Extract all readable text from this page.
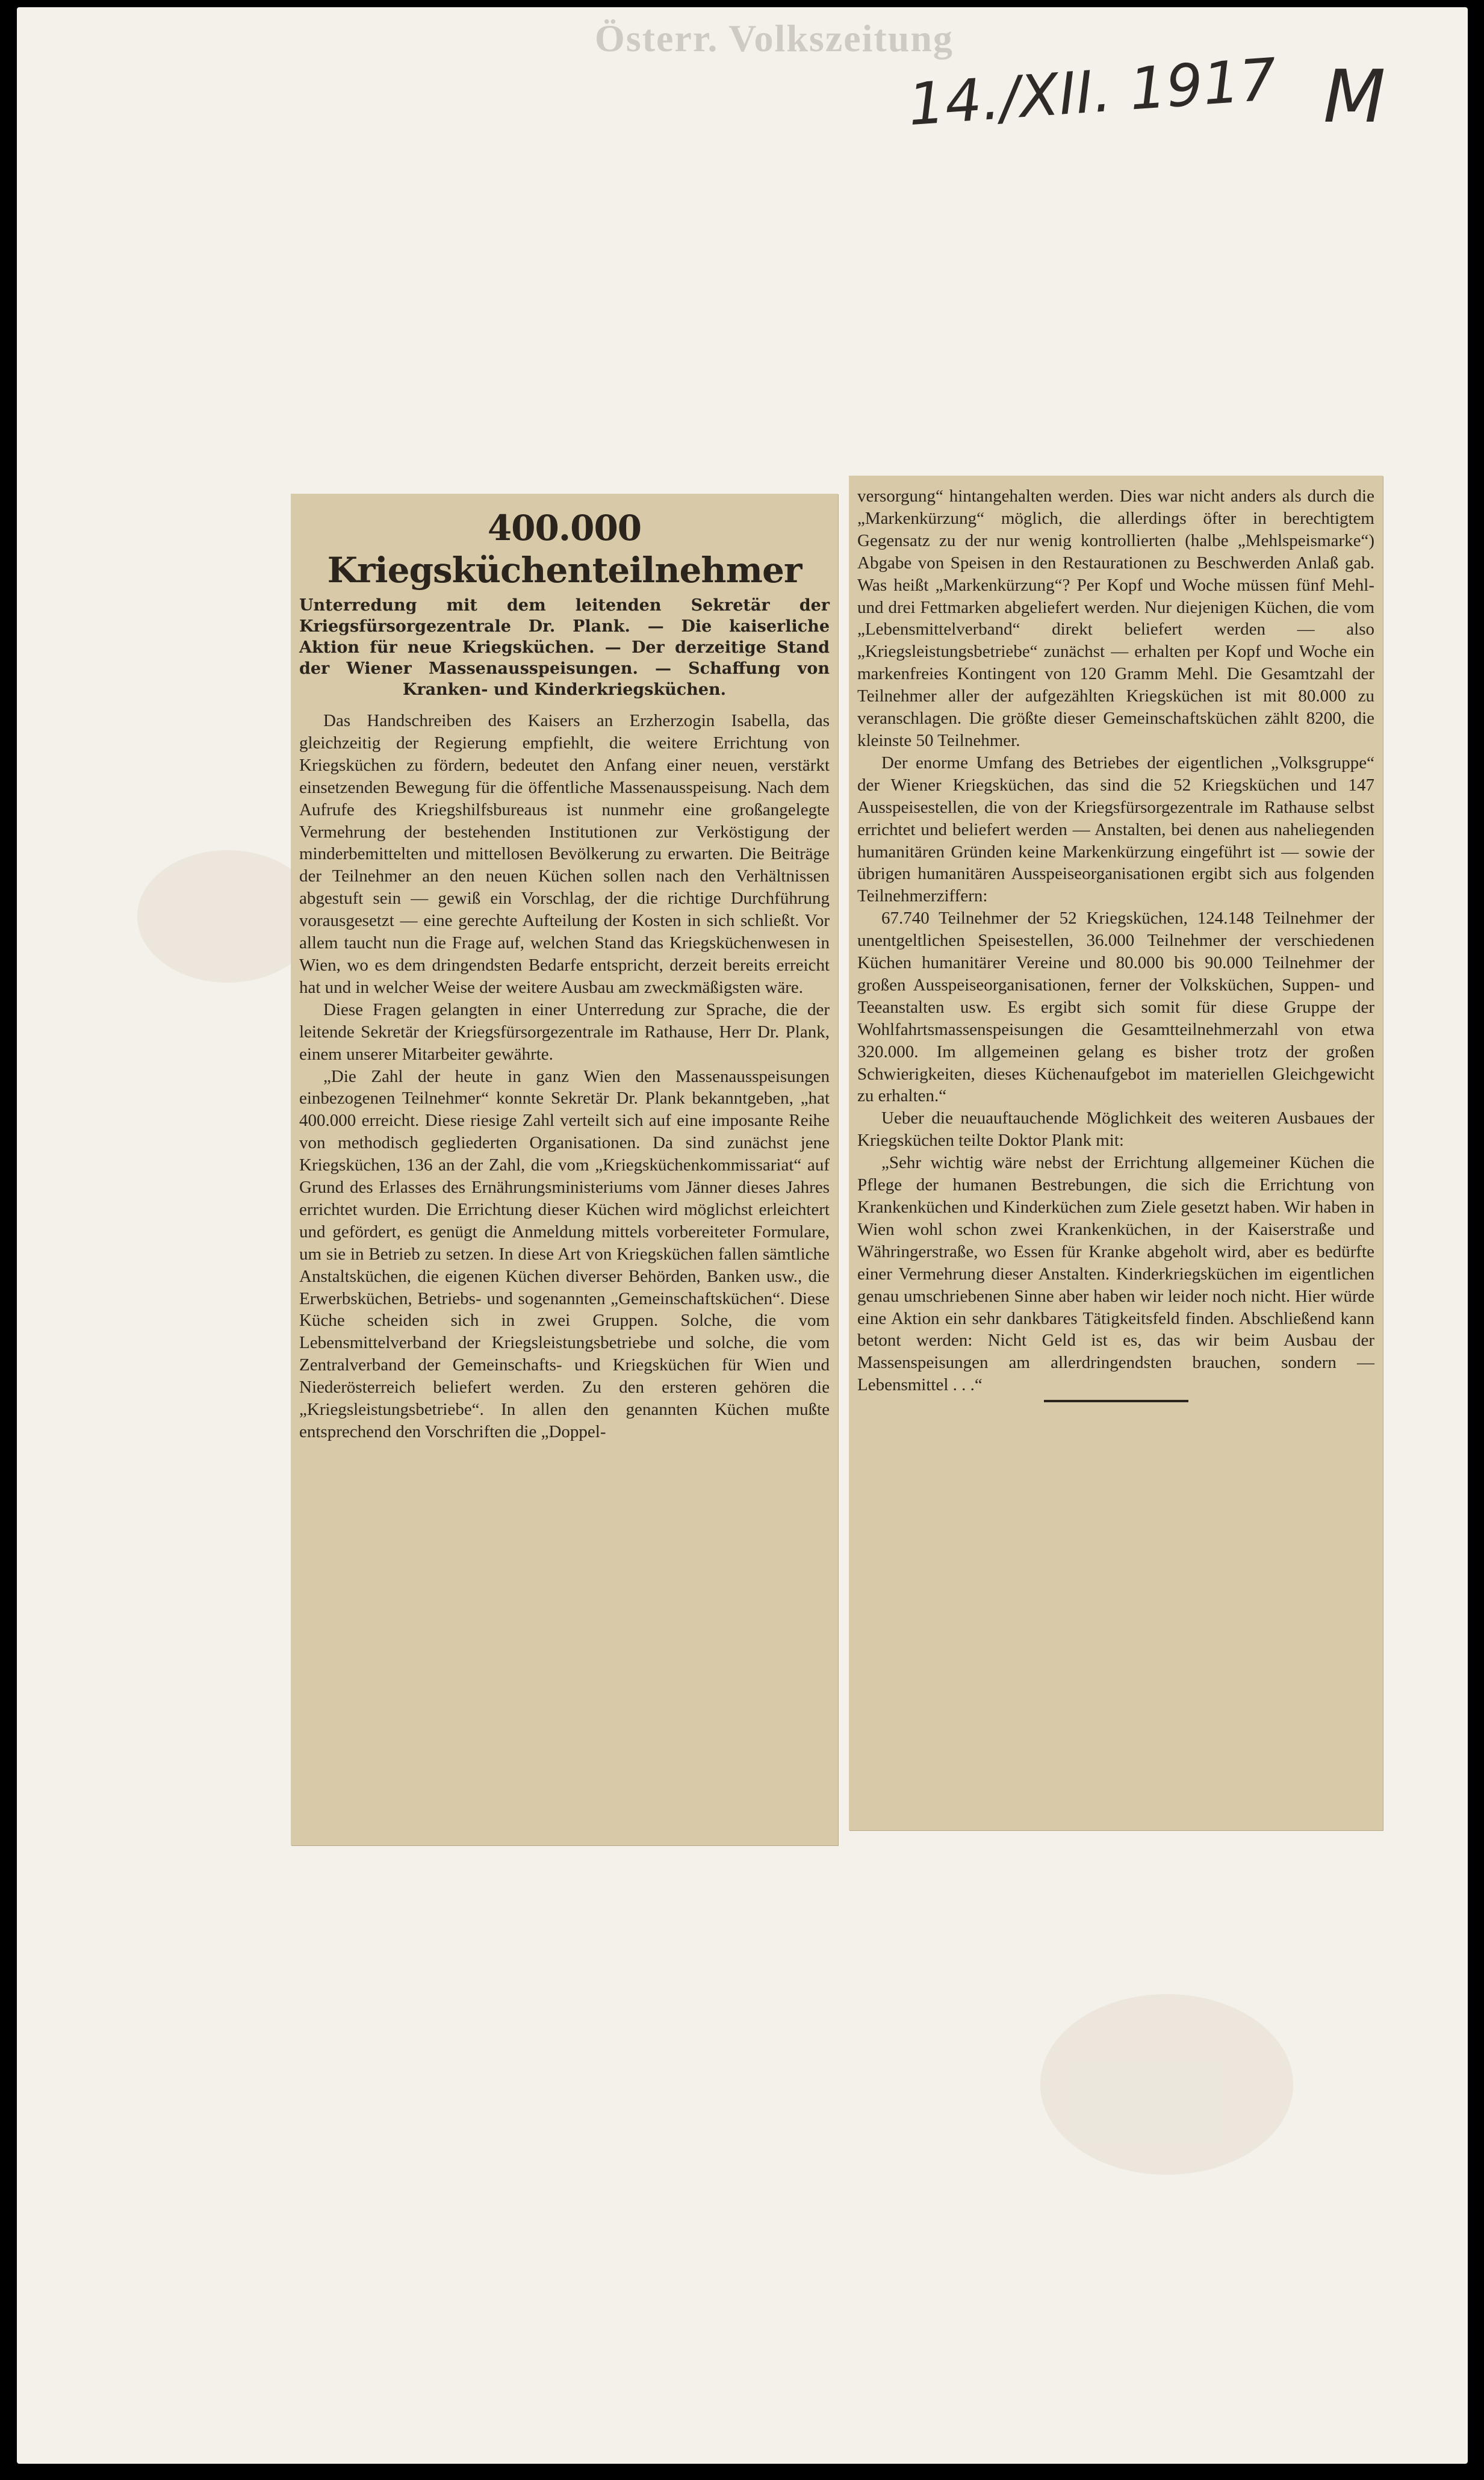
Österr. Volkszeitung
14./XII. 1917 M
400.000 Kriegsküchenteilnehmer
Unterredung mit dem leitenden Sekretär der Kriegsfürsorgezentrale Dr. Plank. — Die kaiserliche Aktion für neue Kriegsküchen. — Der derzeitige Stand der Wiener Massenausspeisungen. — Schaffung von Kranken- und Kinderkriegsküchen.

Das Handschreiben des Kaisers an Erzherzogin Isabella, das gleichzeitig der Regierung empfiehlt, die weitere Errichtung von Kriegsküchen zu fördern, bedeutet den Anfang einer neuen, verstärkt einsetzenden Bewegung für die öffentliche Massenausspeisung. Nach dem Aufrufe des Kriegshilfsbureaus ist nunmehr eine großangelegte Vermehrung der bestehenden Institutionen zur Verköstigung der minderbemittelten und mittellosen Bevölkerung zu erwarten. Die Beiträge der Teilnehmer an den neuen Küchen sollen nach den Verhältnissen abgestuft sein — gewiß ein Vorschlag, der die richtige Durchführung vorausgesetzt — eine gerechte Aufteilung der Kosten in sich schließt. Vor allem taucht nun die Frage auf, welchen Stand das Kriegsküchenwesen in Wien, wo es dem dringendsten Bedarfe entspricht, derzeit bereits erreicht hat und in welcher Weise der weitere Ausbau am zweckmäßigsten wäre.

Diese Fragen gelangten in einer Unterredung zur Sprache, die der leitende Sekretär der Kriegsfürsorgezentrale im Rathause, Herr Dr. Plank, einem unserer Mitarbeiter gewährte.

„Die Zahl der heute in ganz Wien den Massenausspeisungen einbezogenen Teilnehmer“ konnte Sekretär Dr. Plank bekanntgeben, „hat 400.000 erreicht. Diese riesige Zahl verteilt sich auf eine imposante Reihe von methodisch gegliederten Organisationen. Da sind zunächst jene Kriegsküchen, 136 an der Zahl, die vom „Kriegsküchenkommissariat“ auf Grund des Erlasses des Ernährungsministeriums vom Jänner dieses Jahres errichtet wurden. Die Errichtung dieser Küchen wird möglichst erleichtert und gefördert, es genügt die Anmeldung mittels vorbereiteter Formulare, um sie in Betrieb zu setzen. In diese Art von Kriegsküchen fallen sämtliche Anstaltsküchen, die eigenen Küchen diverser Behörden, Banken usw., die Erwerbsküchen, Betriebs- und sogenannten „Gemeinschaftsküchen“. Diese Küche scheiden sich in zwei Gruppen. Solche, die vom Lebensmittelverband der Kriegsleistungsbetriebe und solche, die vom Zentralverband der Gemeinschafts- und Kriegsküchen für Wien und Niederösterreich beliefert werden. Zu den ersteren gehören die „Kriegsleistungsbetriebe“. In allen den genannten Küchen mußte entsprechend den Vorschriften die „Doppel-

versorgung“ hintangehalten werden. Dies war nicht anders als durch die „Markenkürzung“ möglich, die allerdings öfter in berechtigtem Gegensatz zu der nur wenig kontrollierten (halbe „Mehlspeismarke“) Abgabe von Speisen in den Restaurationen zu Beschwerden Anlaß gab. Was heißt „Markenkürzung“? Per Kopf und Woche müssen fünf Mehl- und drei Fettmarken abgeliefert werden. Nur diejenigen Küchen, die vom „Lebensmittelverband“ direkt beliefert werden — also „Kriegsleistungsbetriebe“ zunächst — erhalten per Kopf und Woche ein markenfreies Kontingent von 120 Gramm Mehl. Die Gesamtzahl der Teilnehmer aller der aufgezählten Kriegsküchen ist mit 80.000 zu veranschlagen. Die größte dieser Gemeinschaftsküchen zählt 8200, die kleinste 50 Teilnehmer.

Der enorme Umfang des Betriebes der eigentlichen „Volksgruppe“ der Wiener Kriegsküchen, das sind die 52 Kriegsküchen und 147 Ausspeisestellen, die von der Kriegsfürsorgezentrale im Rathause selbst errichtet und beliefert werden — Anstalten, bei denen aus naheliegenden humanitären Gründen keine Markenkürzung eingeführt ist — sowie der übrigen humanitären Ausspeiseorganisationen ergibt sich aus folgenden Teilnehmerziffern:

67.740 Teilnehmer der 52 Kriegsküchen, 124.148 Teilnehmer der unentgeltlichen Speisestellen, 36.000 Teilnehmer der verschiedenen Küchen humanitärer Vereine und 80.000 bis 90.000 Teilnehmer der großen Ausspeiseorganisationen, ferner der Volksküchen, Suppen- und Teeanstalten usw. Es ergibt sich somit für diese Gruppe der Wohlfahrtsmassenspeisungen die Gesamtteilnehmerzahl von etwa 320.000. Im allgemeinen gelang es bisher trotz der großen Schwierigkeiten, dieses Küchenaufgebot im materiellen Gleichgewicht zu erhalten.“

Ueber die neuauftauchende Möglichkeit des weiteren Ausbaues der Kriegsküchen teilte Doktor Plank mit:

„Sehr wichtig wäre nebst der Errichtung allgemeiner Küchen die Pflege der humanen Bestrebungen, die sich die Errichtung von Krankenküchen und Kinderküchen zum Ziele gesetzt haben. Wir haben in Wien wohl schon zwei Krankenküchen, in der Kaiserstraße und Währingerstraße, wo Essen für Kranke abgeholt wird, aber es bedürfte einer Vermehrung dieser Anstalten. Kinderkriegsküchen im eigentlichen genau umschriebenen Sinne aber haben wir leider noch nicht. Hier würde eine Aktion ein sehr dankbares Tätigkeitsfeld finden. Abschließend kann betont werden: Nicht Geld ist es, das wir beim Ausbau der Massenspeisungen am allerdringendsten brauchen, sondern — Lebensmittel . . .“
